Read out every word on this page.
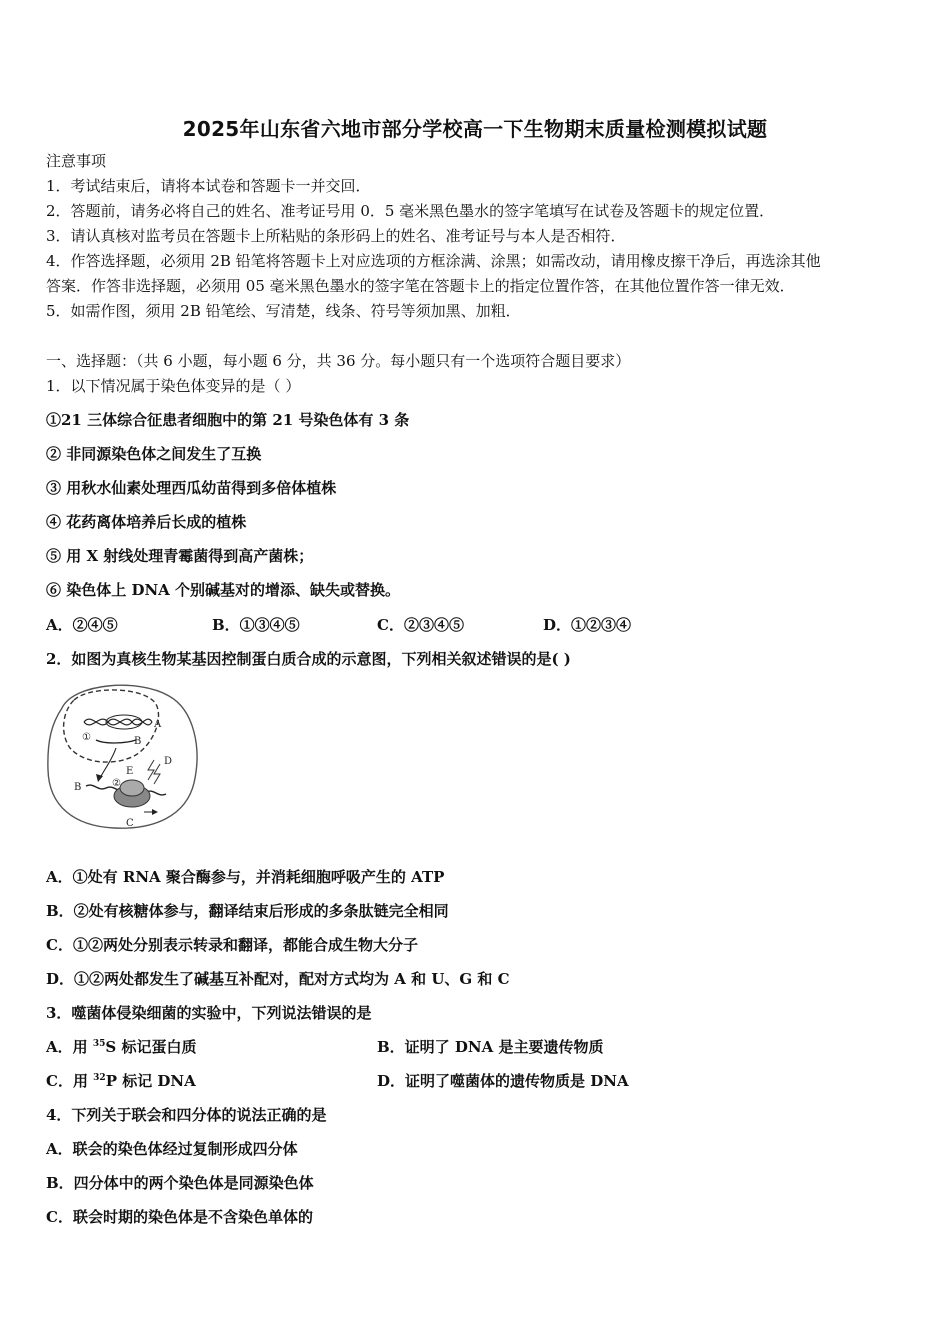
2025年山东省六地市部分学校高一下生物期末质量检测模拟试题
注意事项
1．考试结束后，请将本试卷和答题卡一并交回．
2．答题前，请务必将自己的姓名、准考证号用 0．5 毫米黑色墨水的签字笔填写在试卷及答题卡的规定位置．
3．请认真核对监考员在答题卡上所粘贴的条形码上的姓名、准考证号与本人是否相符．
4．作答选择题，必须用 2B 铅笔将答题卡上对应选项的方框涂满、涂黑；如需改动，请用橡皮擦干净后，再选涂其他
答案．作答非选择题，必须用 05 毫米黑色墨水的签字笔在答题卡上的指定位置作答，在其他位置作答一律无效．
5．如需作图，须用 2B 铅笔绘、写清楚，线条、符号等须加黑、加粗．
一、选择题：（共 6 小题，每小题 6 分，共 36 分。每小题只有一个选项符合题目要求）
1．以下情况属于染色体变异的是（ ）
①21 三体综合征患者细胞中的第 21 号染色体有 3 条
② 非同源染色体之间发生了互换
③ 用秋水仙素处理西瓜幼苗得到多倍体植株
④ 花药离体培养后长成的植株
⑤ 用 X 射线处理青霉菌得到高产菌株；
⑥ 染色体上 DNA 个别碱基对的增添、缺失或替换。
A．②④⑤	B．①③④⑤	C．②③④⑤	D．①②③④
2．如图为真核生物某基因控制蛋白质合成的示意图，下列相关叙述错误的是( )
A
B
①
②
D
E
B
C
A．①处有 RNA 聚合酶参与，并消耗细胞呼吸产生的 ATP
B．②处有核糖体参与，翻译结束后形成的多条肽链完全相同
C．①②两处分别表示转录和翻译，都能合成生物大分子
D．①②两处都发生了碱基互补配对，配对方式均为 A 和 U、G 和 C
3．噬菌体侵染细菌的实验中，下列说法错误的是
A．用 $^{35}$S 标记蛋白质	B．证明了 DNA 是主要遗传物质
C．用 $^{32}$P 标记 DNA	D．证明了噬菌体的遗传物质是 DNA
4．下列关于联会和四分体的说法正确的是
A．联会的染色体经过复制形成四分体
B．四分体中的两个染色体是同源染色体
C．联会时期的染色体是不含染色单体的
